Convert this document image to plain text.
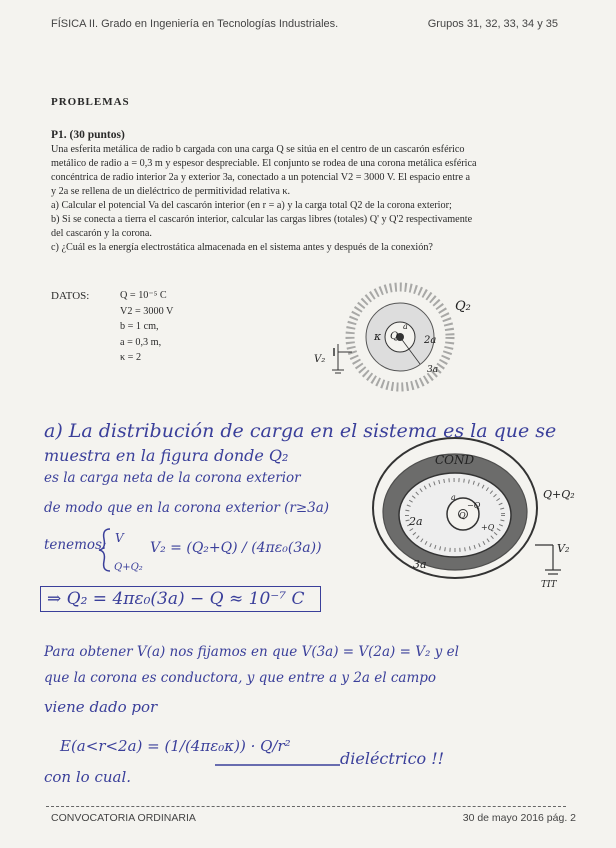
FÍSICA II. Grado en Ingeniería en Tecnologías Industriales.	Grupos 31, 32, 33, 34 y 35
PROBLEMAS
P1. (30 puntos)

Una esferita metálica de radio b cargada con una carga Q se sitúa en el centro de un cascarón esférico

metálico de radio a = 0,3 m y espesor despreciable. El conjunto se rodea de una corona metálica esférica

concéntrica de radio interior 2a y exterior 3a, conectado a un potencial V2 = 3000 V. El espacio entre a

y 2a se rellena de un dieléctrico de permitividad relativa κ.

a) Calcular el potencial Va del cascarón interior (en r = a) y la carga total Q2 de la corona exterior;

b) Si se conecta a tierra el cascarón interior, calcular las cargas libres (totales) Q' y Q'2 respectivamente

del cascarón y la corona.

c) ¿Cuál es la energía electrostática almacenada en el sistema antes y después de la conexión?

DATOS:	Q = 10⁻⁵ C
V2 = 3000 V
b = 1 cm,
a = 0,3 m,
κ = 2
κ Q
a
2a
3a
Q₂
V₂
a) La distribución de carga en el sistema es la que se
muestra en la figura donde Q₂
es la carga neta de la corona exterior
de modo que en la corona exterior (r≥3a)
tenemos: V
Q+Q₂
V₂ = (Q₂+Q) / (4πε₀(3a))
⇒ Q₂ = 4πε₀(3a) − Q ≈ 10⁻⁷ C
Para obtener V(a) nos fijamos en que V(3a) = V(2a) = V₂ y el
que la corona es conductora, y que entre a y 2a el campo
viene dado por
E(a<r<2a) = (1/(4πε₀κ)) · Q/r²
dieléctrico !!
con lo cual.
COND
Q+Q₂
V₂
TIT
3a
2a	Q
−Q
+Q
a
CONVOCATORIA ORDINARIA	30 de mayo 2016 pág. 2
